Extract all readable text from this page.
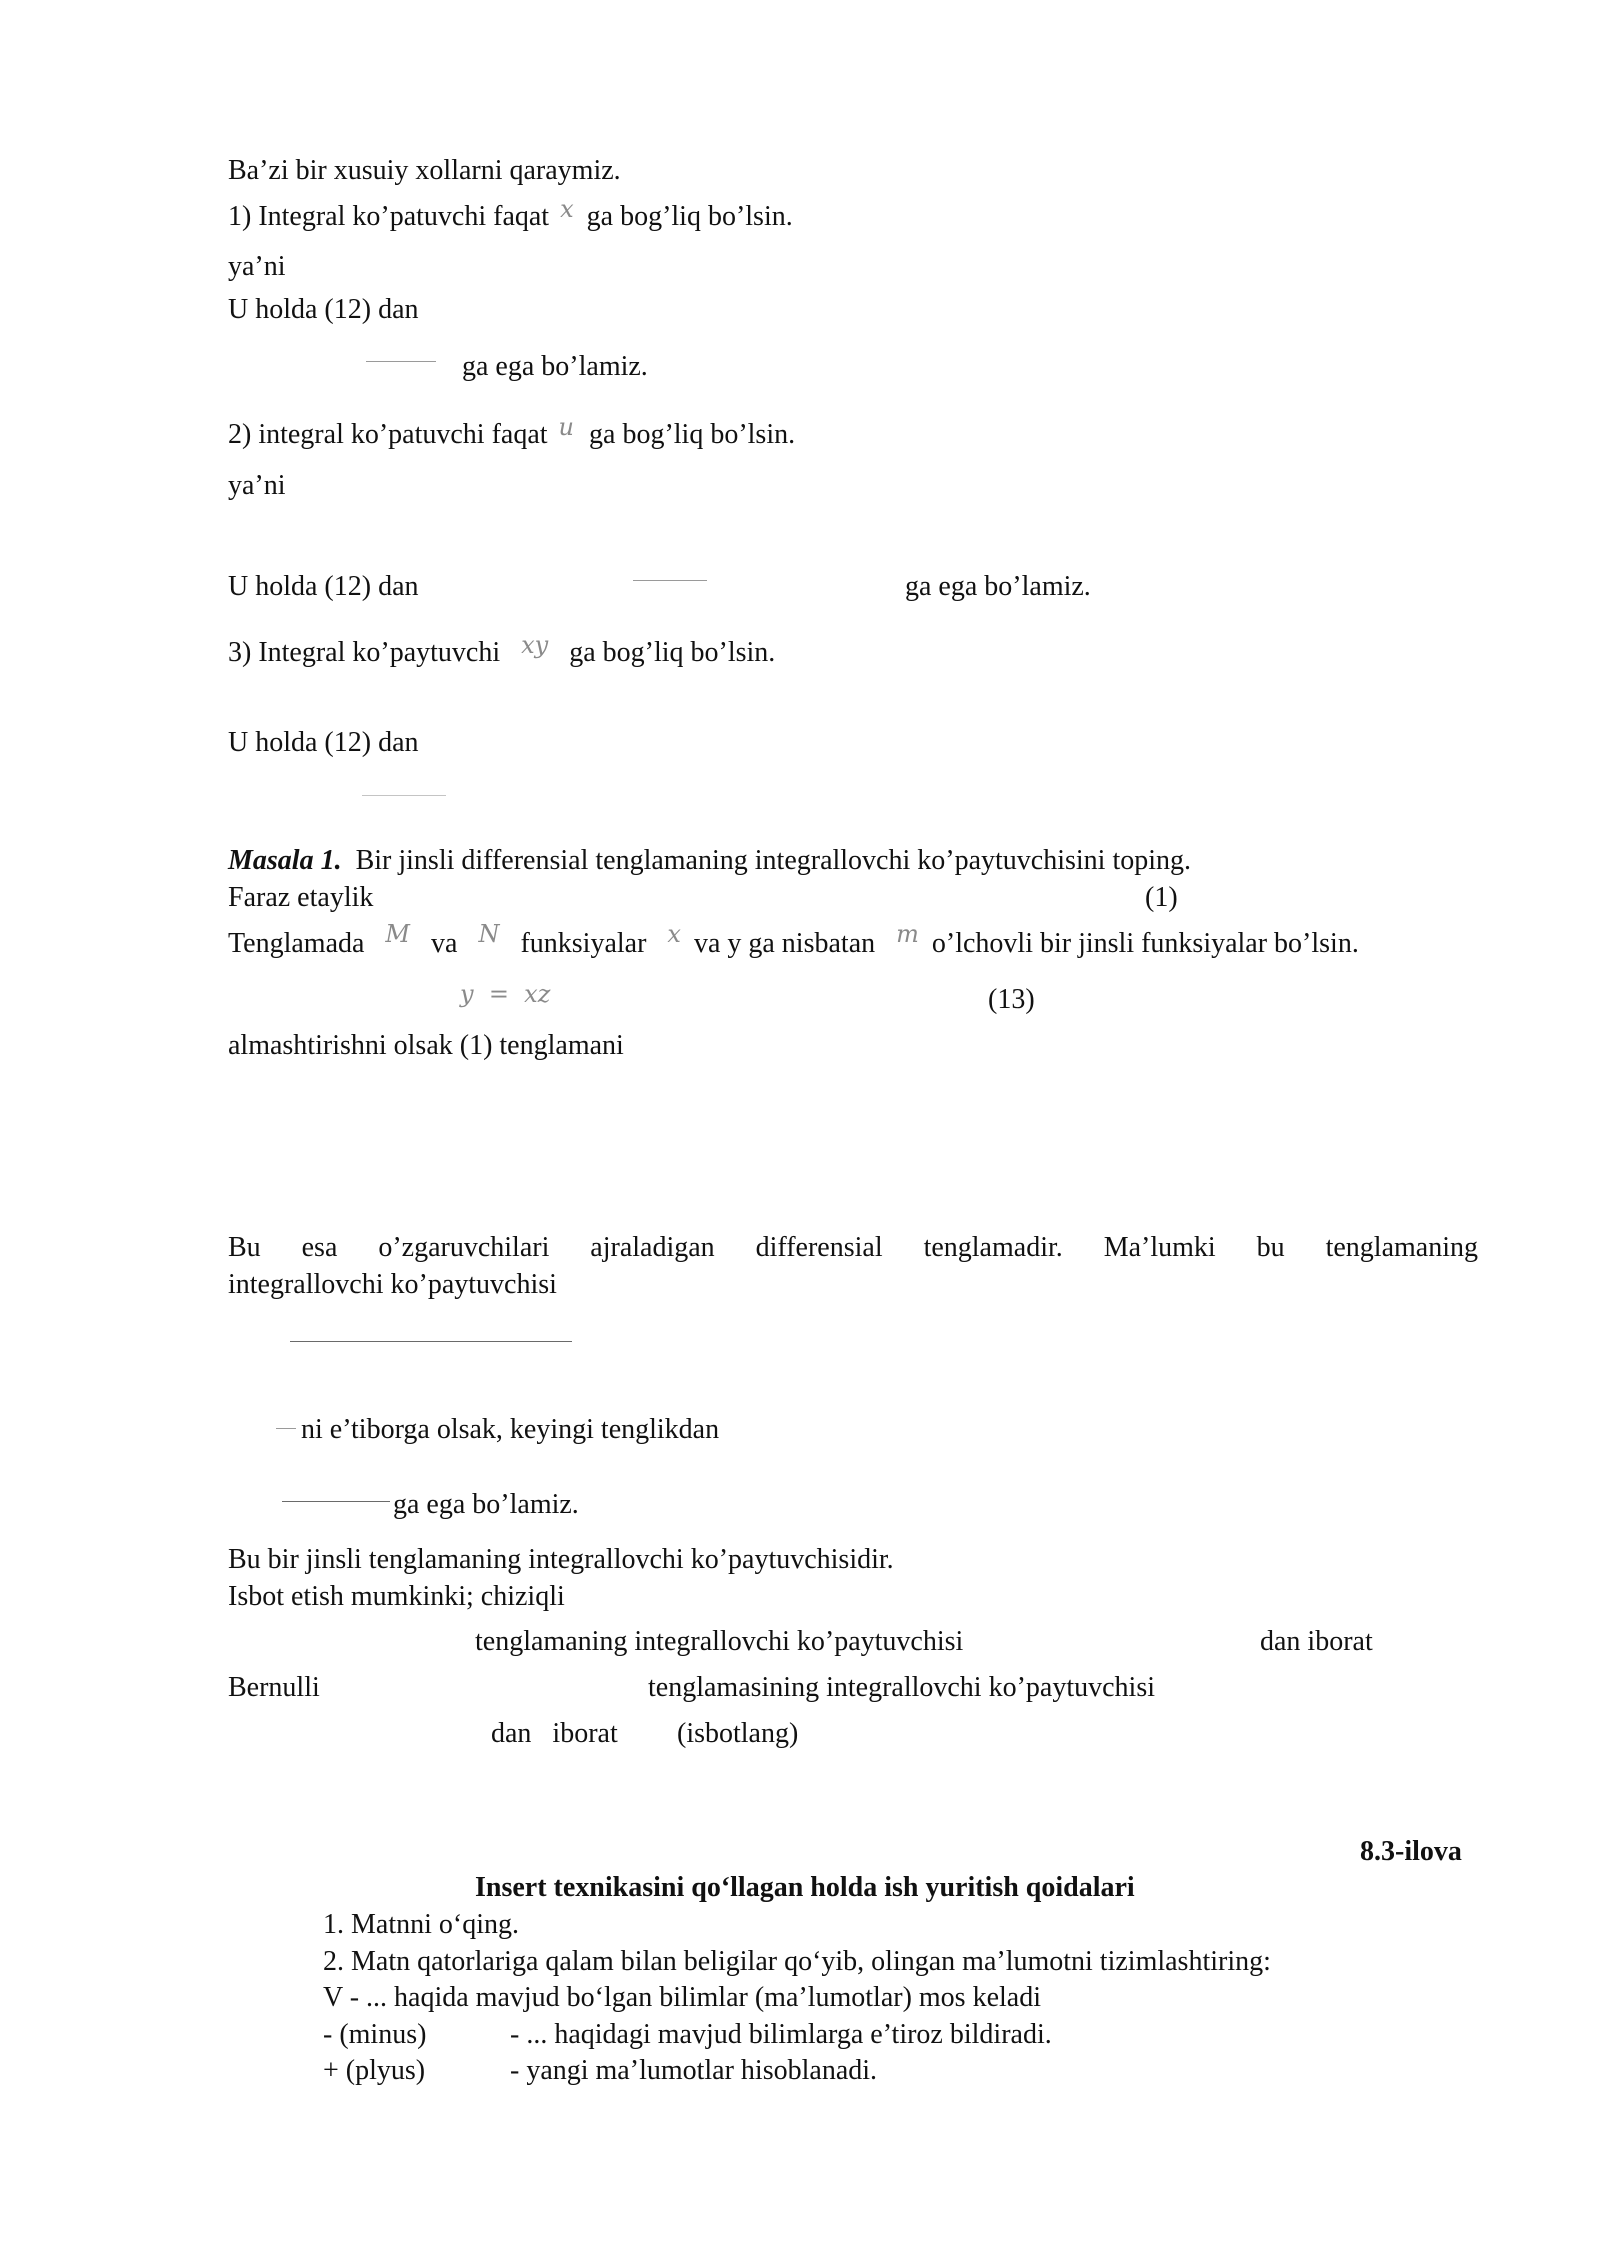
Ba’zi bir xusuiy xollarni qaraymiz.
1) Integral ko’patuvchi faqat x ga bog’liq bo’lsin.
ya’ni
U holda (12) dan
ga ega bo’lamiz.
2) integral ko’patuvchi faqat u ga bog’liq bo’lsin.
ya’ni
U holda (12) dan	ga ega bo’lamiz.
3) Integral ko’paytuvchi xy ga bog’liq bo’lsin.
U holda (12) dan
Masala 1. Bir jinsli differensial tenglamaning integrallovchi ko’paytuvchisini toping.
Faraz etaylik	(1)
Tenglamada M va N funksiyalar x va y ga nisbatan m o’lchovli bir jinsli funksiyalar bo’lsin.
y  =  xz	(13)
almashtirishni olsak (1) tenglamani
Bu esa o’zgaruvchilari ajraladigan differensial tenglamadir. Ma’lumki bu tenglamaning
integrallovchi ko’paytuvchisi
ni e’tiborga olsak, keyingi tenglikdan
ga ega bo’lamiz.
Bu bir jinsli tenglamaning integrallovchi ko’paytuvchisidir.
Isbot etish mumkinki; chiziqli
tenglamaning integrallovchi ko’paytuvchisi	dan iborat
Bernulli	tenglamasining integrallovchi ko’paytuvchisi
dan   iborat (isbotlang)
8.3-ilova
Insert texnikasini qo‘llagan holda ish yuritish qoidalari
1. Matnni o‘qing.
2. Matn qatorlariga qalam bilan beligilar qo‘yib, olingan ma’lumotni tizimlashtiring:
V - ... haqida mavjud bo‘lgan bilimlar (ma’lumotlar) mos keladi
- (minus)	- ... haqidagi mavjud bilimlarga e’tiroz bildiradi.
+ (plyus)	- yangi ma’lumotlar hisoblanadi.
